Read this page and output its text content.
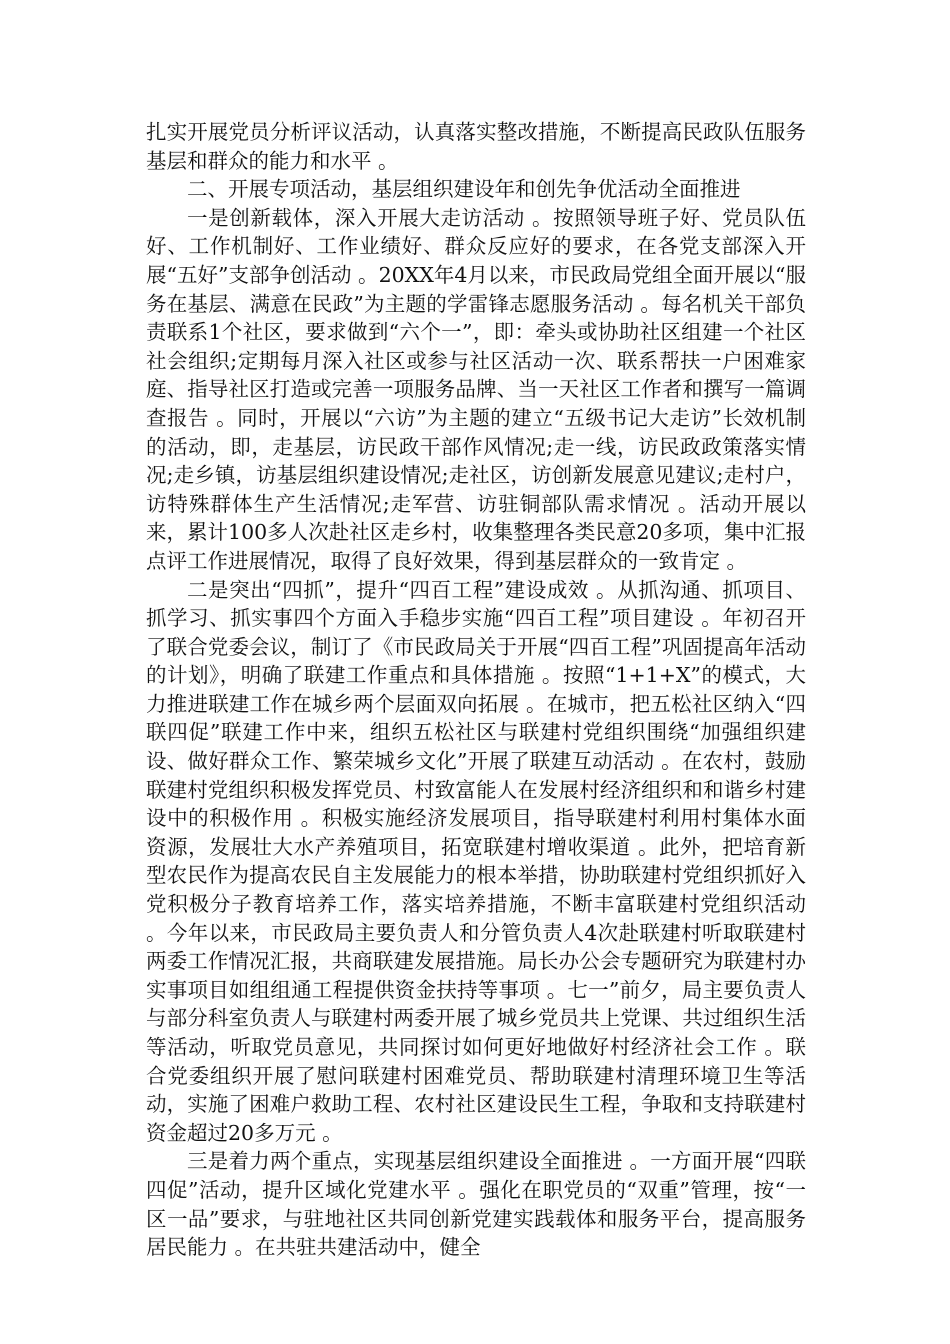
扎实开展党员分析评议活动，认真落实整改措施，不断提高民政队伍服务基层和群众的能力和水平 。

二、开展专项活动，基层组织建设年和创先争优活动全面推进

一是创新载体，深入开展大走访活动 。按照领导班子好、党员队伍好、工作机制好、工作业绩好、群众反应好的要求，在各党支部深入开展“五好”支部争创活动 。20XX年4月以来，市民政局党组全面开展以“服务在基层、满意在民政”为主题的学雷锋志愿服务活动 。每名机关干部负责联系1个社区，要求做到“六个一”，即：牵头或协助社区组建一个社区社会组织;定期每月深入社区或参与社区活动一次、联系帮扶一户困难家庭、指导社区打造或完善一项服务品牌、当一天社区工作者和撰写一篇调查报告 。同时，开展以“六访”为主题的建立“五级书记大走访”长效机制的活动，即，走基层，访民政干部作风情况;走一线，访民政政策落实情况;走乡镇，访基层组织建设情况;走社区，访创新发展意见建议;走村户，访特殊群体生产生活情况;走军营、访驻铜部队需求情况 。活动开展以来，累计100多人次赴社区走乡村，收集整理各类民意20多项，集中汇报点评工作进展情况，取得了良好效果，得到基层群众的一致肯定 。

二是突出“四抓”，提升“四百工程”建设成效 。从抓沟通、抓项目、抓学习、抓实事四个方面入手稳步实施“四百工程”项目建设 。年初召开了联合党委会议，制订了《市民政局关于开展“四百工程”巩固提高年活动的计划》，明确了联建工作重点和具体措施 。按照“1+1+X”的模式，大力推进联建工作在城乡两个层面双向拓展 。在城市，把五松社区纳入“四联四促”联建工作中来，组织五松社区与联建村党组织围绕“加强组织建设、做好群众工作、繁荣城乡文化”开展了联建互动活动 。在农村，鼓励联建村党组织积极发挥党员、村致富能人在发展村经济组织和和谐乡村建设中的积极作用 。积极实施经济发展项目，指导联建村利用村集体水面资源，发展壮大水产养殖项目，拓宽联建村增收渠道 。此外，把培育新型农民作为提高农民自主发展能力的根本举措，协助联建村党组织抓好入党积极分子教育培养工作，落实培养措施，不断丰富联建村党组织活动 。今年以来，市民政局主要负责人和分管负责人4次赴联建村听取联建村两委工作情况汇报，共商联建发展措施。局长办公会专题研究为联建村办实事项目如组组通工程提供资金扶持等事项 。七一”前夕，局主要负责人与部分科室负责人与联建村两委开展了城乡党员共上党课、共过组织生活等活动，听取党员意见，共同探讨如何更好地做好村经济社会工作 。联合党委组织开展了慰问联建村困难党员、帮助联建村清理环境卫生等活动，实施了困难户救助工程、农村社区建设民生工程，争取和支持联建村资金超过20多万元 。

三是着力两个重点，实现基层组织建设全面推进 。一方面开展“四联四促”活动，提升区域化党建水平 。强化在职党员的“双重”管理，按“一区一品”要求，与驻地社区共同创新党建实践载体和服务平台，提高服务居民能力 。在共驻共建活动中，健全
